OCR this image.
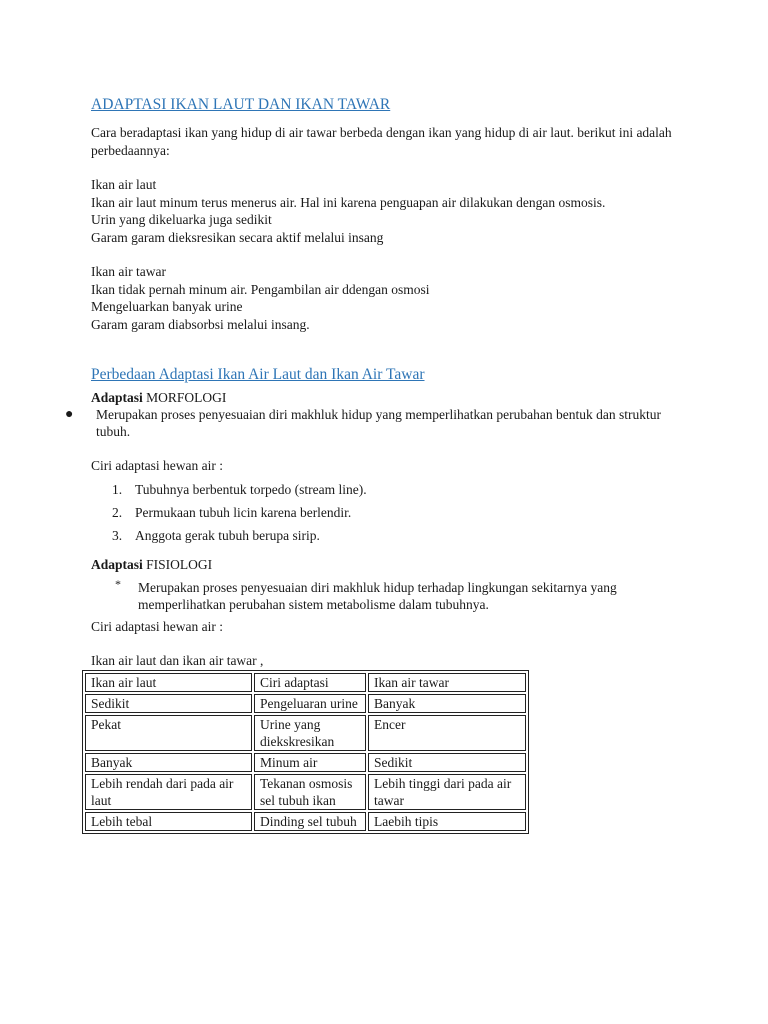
ADAPTASI IKAN LAUT DAN IKAN TAWAR
Cara beradaptasi ikan yang hidup di air tawar berbeda dengan ikan yang hidup di air laut. berikut ini adalah perbedaannya:
Ikan air laut
Ikan air laut minum terus menerus air. Hal ini karena penguapan air dilakukan dengan osmosis.
Urin yang dikeluarka juga sedikit
Garam garam dieksresikan secara aktif melalui insang
Ikan air tawar
Ikan tidak pernah minum air. Pengambilan air ddengan osmosi
Mengeluarkan banyak urine
Garam garam diabsorbsi melalui insang.
Perbedaan Adaptasi Ikan Air Laut dan Ikan Air Tawar
Adaptasi MORFOLOGI
● Merupakan proses penyesuaian diri makhluk hidup yang memperlihatkan perubahan bentuk dan struktur tubuh.
Ciri adaptasi hewan air :
1. Tubuhnya berbentuk torpedo (stream line).
2. Permukaan tubuh licin karena berlendir.
3. Anggota gerak tubuh berupa sirip.
Adaptasi FISIOLOGI
* Merupakan proses penyesuaian diri makhluk hidup terhadap lingkungan sekitarnya yang memperlihatkan perubahan sistem metabolisme dalam tubuhnya.
Ciri adaptasi hewan air :
Ikan air laut dan ikan air tawar ,
Ikan air laut	Ciri adaptasi	Ikan air tawar
Sedikit	Pengeluaran urine	Banyak
Pekat	Urine yang diekskresikan	Encer
Banyak	Minum air	Sedikit
Lebih rendah dari pada air laut	Tekanan osmosis sel tubuh ikan	Lebih tinggi dari pada air tawar
Lebih tebal	Dinding sel tubuh	Laebih tipis
